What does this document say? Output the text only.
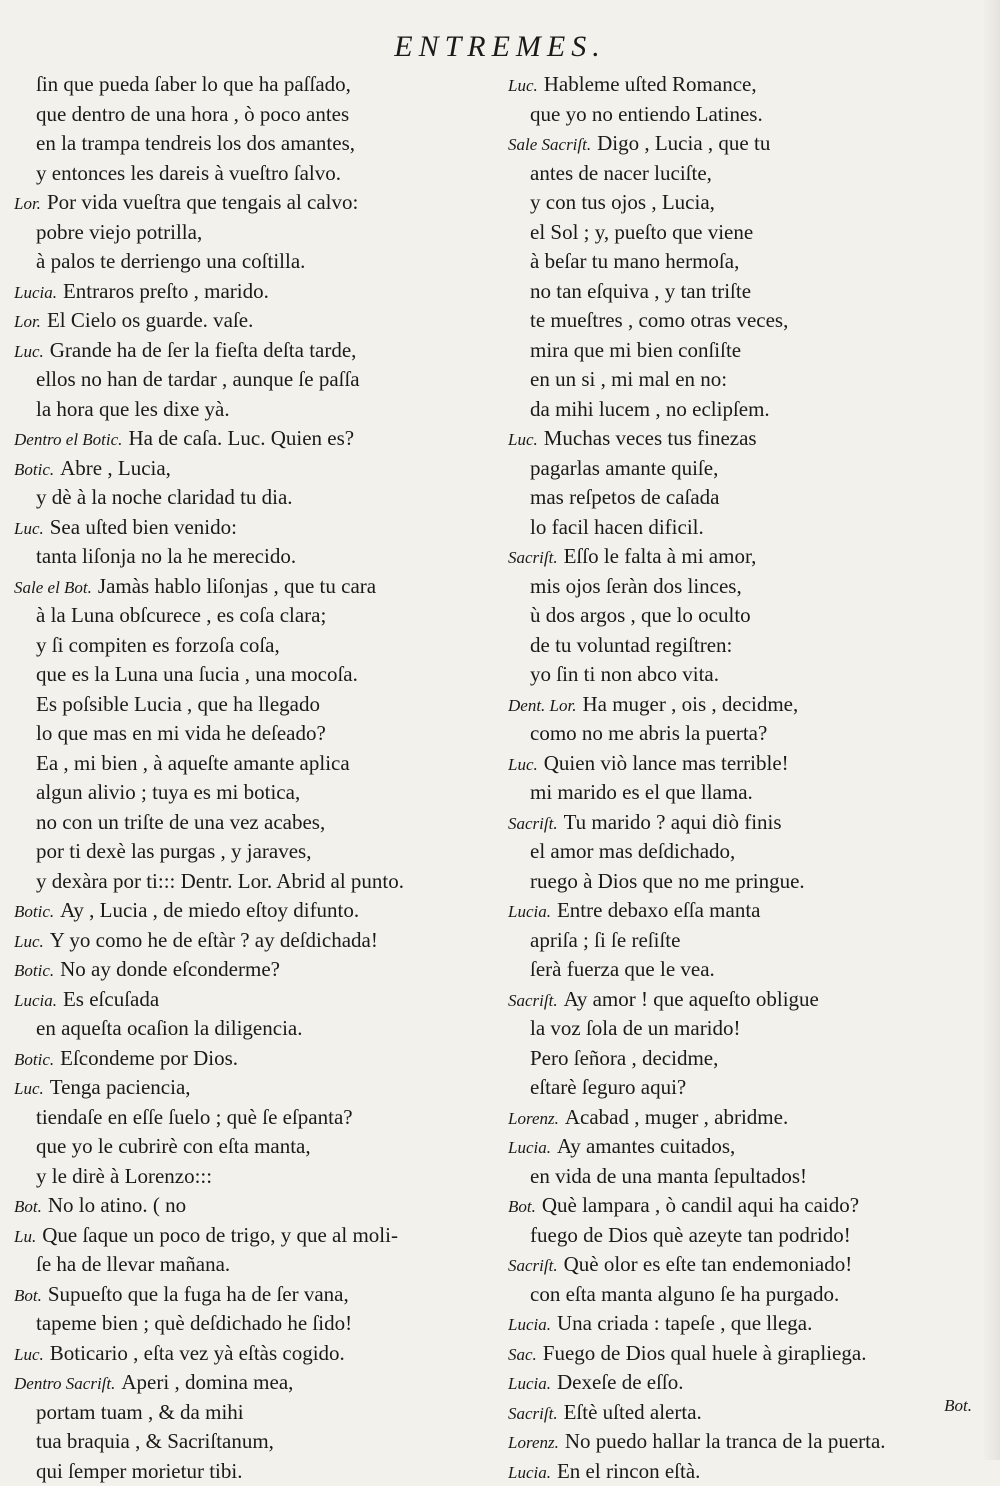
ENTREMES.
ſin que pueda ſaber lo que ha paſſado,
que dentro de una hora , ò poco antes
en la trampa tendreis los dos amantes,
y entonces les dareis à vueſtro ſalvo.
Lor. Por vida vueſtra que tengais al calvo:
pobre viejo potrilla,
à palos te derriengo una coſtilla.
Lucia. Entraros preſto , marido.
Lor. El Cielo os guarde. vaſe.
Luc. Grande ha de ſer la fieſta deſta tarde,
ellos no han de tardar , aunque ſe paſſa
la hora que les dixe yà.
Dentro el Botic. Ha de caſa. Luc. Quien es?
Botic. Abre , Lucia,
y dè à la noche claridad tu dia.
Luc. Sea uſted bien venido:
tanta liſonja no la he merecido.
Sale el Bot. Jamàs hablo liſonjas , que tu cara
à la Luna obſcurece , es coſa clara;
y ſi compiten es forzoſa coſa,
que es la Luna una ſucia , una mocoſa.
Es poſsible Lucia , que ha llegado
lo que mas en mi vida he deſeado?
Ea , mi bien , à aqueſte amante aplica
algun alivio ; tuya es mi botica,
no con un triſte de una vez acabes,
por ti dexè las purgas , y jaraves,
y dexàra por ti::: Dentr. Lor. Abrid al punto.
Botic. Ay , Lucia , de miedo eſtoy difunto.
Luc. Y yo como he de eſtàr ? ay deſdichada!
Botic. No ay donde eſconderme?
Lucia. Es eſcuſada
en aqueſta ocaſion la diligencia.
Botic. Eſcondeme por Dios.
Luc. Tenga paciencia,
tiendaſe en eſſe ſuelo ; què ſe eſpanta?
que yo le cubrirè con eſta manta,
y le dirè à Lorenzo:::
Bot. No lo atino. ( no
Lu. Que ſaque un poco de trigo, y que al moli-
ſe ha de llevar mañana.
Bot. Supueſto que la fuga ha de ſer vana,
tapeme bien ; què deſdichado he ſido!
Luc. Boticario , eſta vez yà eſtàs cogido.
Dentro Sacriſt. Aperi , domina mea,
portam tuam , & da mihi
tua braquia , & Sacriſtanum,
qui ſemper morietur tibi.
Luc. Hableme uſted Romance,
que yo no entiendo Latines.
Sale Sacriſt. Digo , Lucia , que tu
antes de nacer luciſte,
y con tus ojos , Lucia,
el Sol ; y, pueſto que viene
à beſar tu mano hermoſa,
no tan eſquiva , y tan triſte
te mueſtres , como otras veces,
mira que mi bien conſiſte
en un si , mi mal en no:
da mihi lucem , no eclipſem.
Luc. Muchas veces tus finezas
pagarlas amante quiſe,
mas reſpetos de caſada
lo facil hacen dificil.
Sacriſt. Eſſo le falta à mi amor,
mis ojos ſeràn dos linces,
ù dos argos , que lo oculto
de tu voluntad regiſtren:
yo ſin ti non abco vita.
Dent. Lor. Ha muger , ois , decidme,
como no me abris la puerta?
Luc. Quien viò lance mas terrible!
mi marido es el que llama.
Sacriſt. Tu marido ? aqui diò finis
el amor mas deſdichado,
ruego à Dios que no me pringue.
Lucia. Entre debaxo eſſa manta
apriſa ; ſi ſe reſiſte
ſerà fuerza que le vea.
Sacriſt. Ay amor ! que aqueſto obligue
la voz ſola de un marido!
Pero ſeñora , decidme,
eſtarè ſeguro aqui?
Lorenz. Acabad , muger , abridme.
Lucia. Ay amantes cuitados,
en vida de una manta ſepultados!
Bot. Què lampara , ò candil aqui ha caido?
fuego de Dios què azeyte tan podrido!
Sacriſt. Què olor es eſte tan endemoniado!
con eſta manta alguno ſe ha purgado.
Lucia. Una criada : tapeſe , que llega.
Sac. Fuego de Dios qual huele à girapliega.
Lucia. Dexeſe de eſſo.
Sacriſt. Eſtè uſted alerta.
Lorenz. No puedo hallar la tranca de la puerta.
Lucia. En el rincon eſtà.
Bot.
